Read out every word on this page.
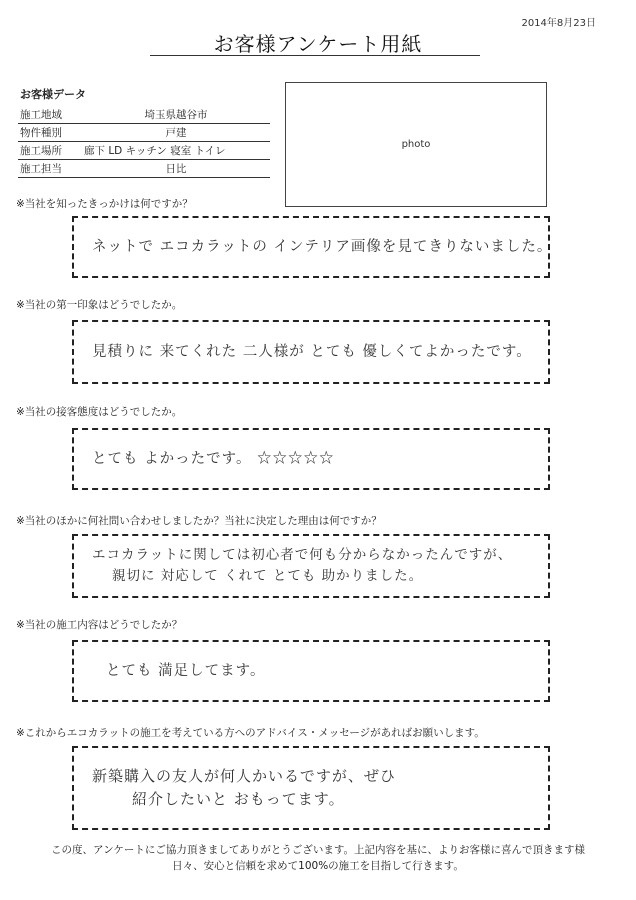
2014年8月23日
お客様アンケート用紙
お客様データ
施工地域	埼玉県越谷市
物件種別	戸建
施工場所	廊下 LD キッチン 寝室 トイレ
施工担当	日比
photo
※当社を知ったきっかけは何ですか？
ネットで エコカラットの インテリア画像を見てきりないました。
※当社の第一印象はどうでしたか。
見積りに 来てくれた 二人様が とても 優しくてよかったです。
※当社の接客態度はどうでしたか。
とても よかったです。 ☆☆☆☆☆
※当社のほかに何社問い合わせしましたか？当社に決定した理由は何ですか？
エコカラットに関しては初心者で何も分からなかったんですが、
親切に 対応して くれて とても 助かりました。
※当社の施工内容はどうでしたか？
とても 満足してます。
※これからエコカラットの施工を考えている方へのアドバイス・メッセージがあればお願いします。
新築購入の友人が何人かいるですが、ぜひ
紹介したいと おもってます。
この度、アンケートにご協力頂きましてありがとうございます。上記内容を基に、よりお客様に喜んで頂きます様
日々、安心と信頼を求めて100%の施工を目指して行きます。
